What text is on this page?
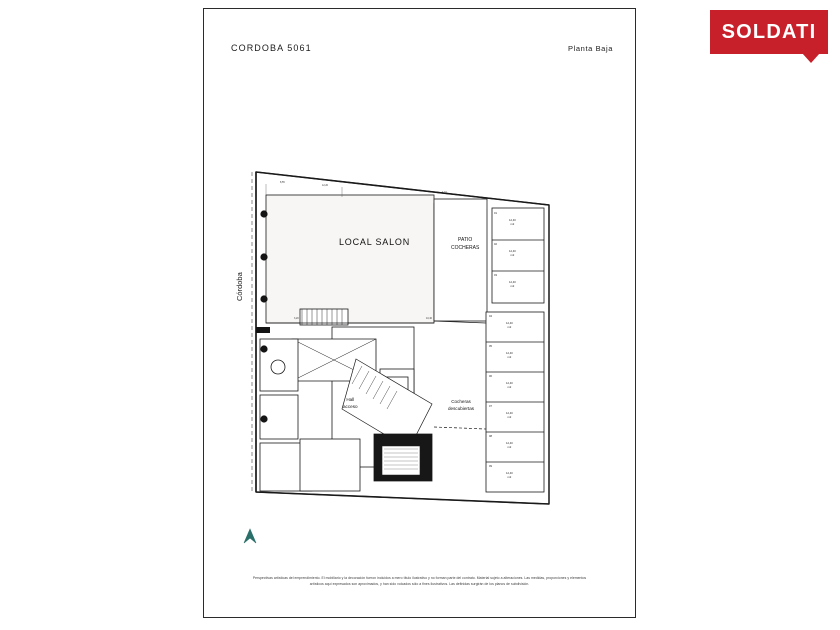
SOLDATI
CORDOBA 5061	Planta Baja
Córdoba
LOCAL SALON	PATIO
COCHERAS
Hall
acceso
Cocheras
descubiertas
01
12,40
m2
02
12,40
m2
03
12,40
m2
04
12,40
m2
05
12,40
m2
06
12,40
m2
07
12,40
m2
08
12,40
m2
09
12,40
m2
8,55
12,20
4,10
3,20	10,40
Perspectivas artísticas del emprendimiento. El mobiliario y la decoración fueron incluidos a mero título ilustrativo y no forman parte del contrato. Material sujeto a alteraciones. Las medidas, proporciones y elementos artísticos aquí expresados son aproximados, y han sido volcados sólo a fines ilustrativos. Las definidas surgirán de los planos de subdivisión.
